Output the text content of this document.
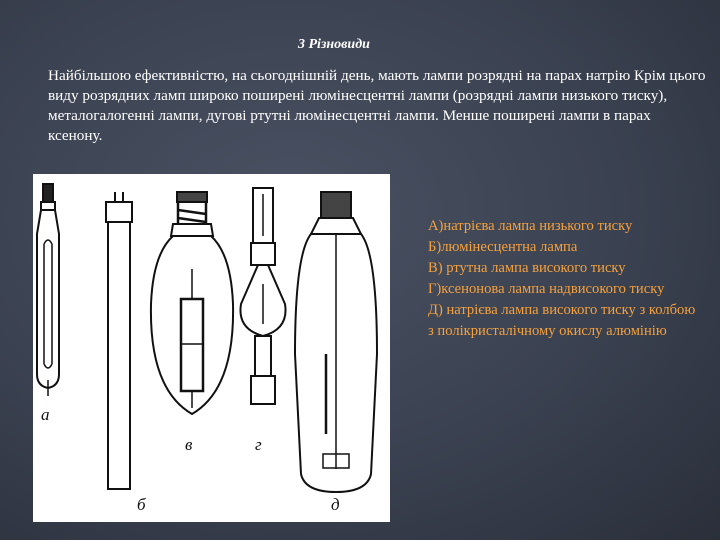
3 Різновиди

Найбільшою ефективністю, на сьогоднішній день, мають лампи розрядні на парах натрію Крім цього виду розрядних ламп широко поширені люмінесцентні лампи (розрядні лампи низького тиску), металогалогенні лампи, дугові ртутні люмінесцентні лампи. Менше поширені лампи в парах ксенону.

а
б
в	г
д
А)натрієва лампа низького тиску
Б)люмінесцентна лампа
В) ртутна лампа високого тиску
Г)ксенонова лампа надвисокого тиску
Д) натрієва лампа високого тиску з колбою з полікристалічному окислу алюмінію
